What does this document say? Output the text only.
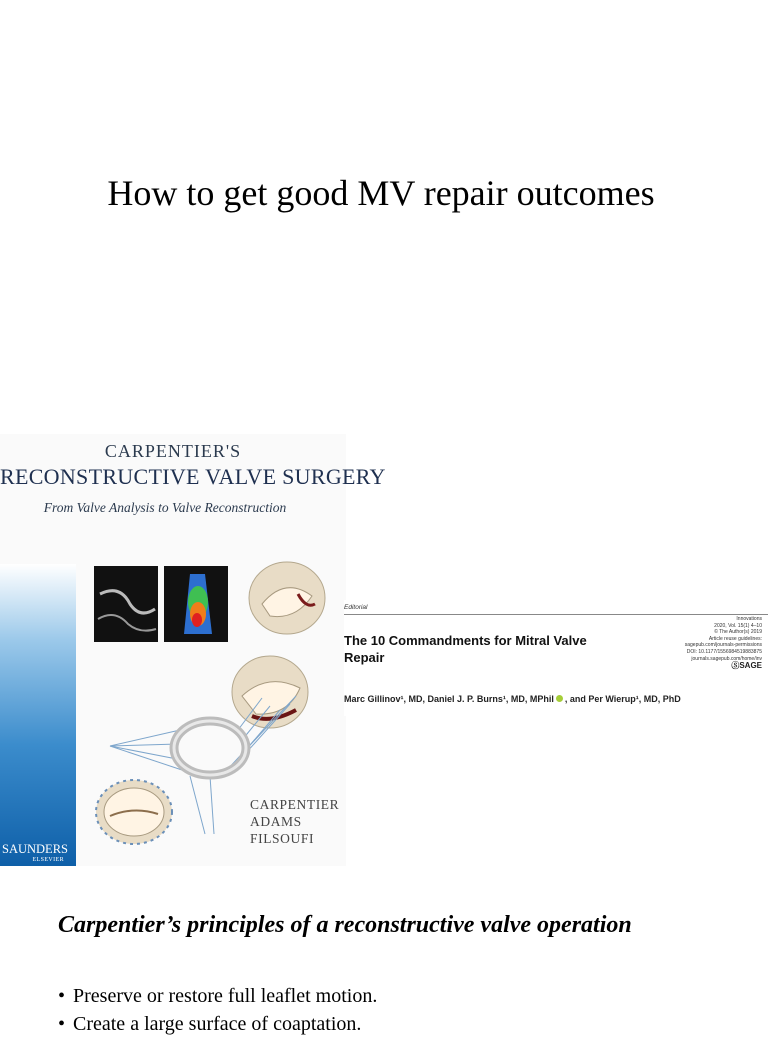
How to get good MV repair outcomes
CARPENTIER'S
RECONSTRUCTIVE VALVE SURGERY
From Valve Analysis to Valve Reconstruction
CARPENTIER
ADAMS
FILSOUFI
SAUNDERS
ELSEVIER
Editorial
The 10 Commandments for Mitral Valve Repair
Innovations
2020, Vol. 15(1) 4–10
© The Author(s) 2019
Article reuse guidelines:
sagepub.com/journals-permissions
DOI: 10.1177/1556984519883875
journals.sagepub.com/home/inv
ⓈSAGE
Marc Gillinov¹, MD, Daniel J. P. Burns¹, MD, MPhil , and Per Wierup¹, MD, PhD
Carpentier’s principles of a reconstructive valve operation
• Preserve or restore full leaflet motion.
• Create a large surface of coaptation.
